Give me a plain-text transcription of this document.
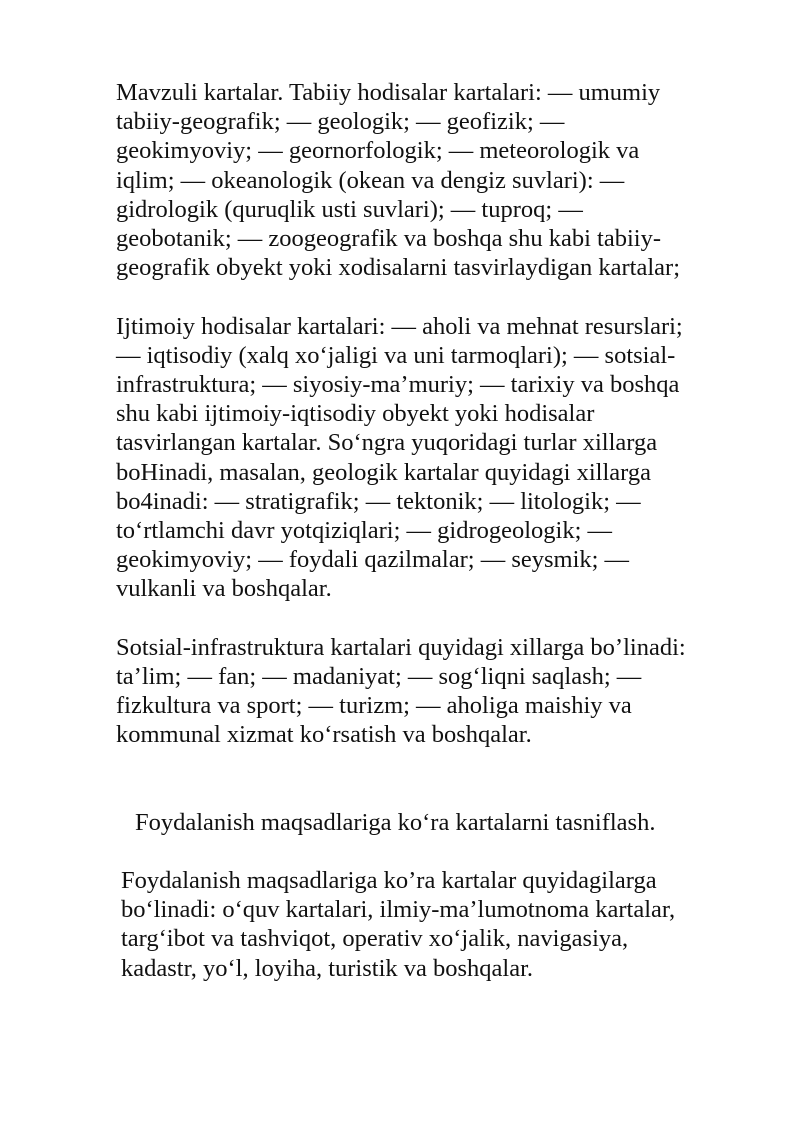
Mavzuli kartalar. Tabiiy hodisalar kartalari: — umumiy
tabiiy-geografik; — geologik; — geofizik; —
geokimyoviy; — geornorfologik; — meteorologik va
iqlim; — okeanologik (okean va dengiz suvlari): —
gidrologik (quruqlik usti suvlari); — tuproq; —
geobotanik; — zoogeografik va boshqa shu kabi tabiiy-
geografik obyekt yoki xodisalarni tasvirlaydigan kartalar;

Ijtimoiy hodisalar kartalari: — aholi va mehnat resurslari;
— iqtisodiy (xalq xo‘jaligi va uni tarmoqlari); — sotsial-
infrastruktura; — siyosiy-ma’muriy; — tarixiy va boshqa
shu kabi ijtimoiy-iqtisodiy obyekt yoki hodisalar
tasvirlangan kartalar. So‘ngra yuqoridagi turlar xillarga
boHinadi, masalan, geologik kartalar quyidagi xillarga
bo4inadi: — stratigrafik; — tektonik; — litologik; —
to‘rtlamchi davr yotqiziqlari; — gidrogeologik; —
geokimyoviy; — foydali qazilmalar; — seysmik; —
vulkanli va boshqalar.

Sotsial-infrastruktura kartalari quyidagi xillarga bo’linadi:
ta’lim; — fan; — madaniyat; — sog‘liqni saqlash; —
fizkultura va sport; — turizm; — aholiga maishiy va
kommunal xizmat ko‘rsatish va boshqalar.

Foydalanish maqsadlariga ko‘ra kartalarni tasniflash.

Foydalanish maqsadlariga ko’ra kartalar quyidagilarga
bo‘linadi: o‘quv kartalari, ilmiy-ma’lumotnoma kartalar,
targ‘ibot va tashviqot, operativ xo‘jalik, navigasiya,
kadastr, yo‘l, loyiha, turistik va boshqalar.
